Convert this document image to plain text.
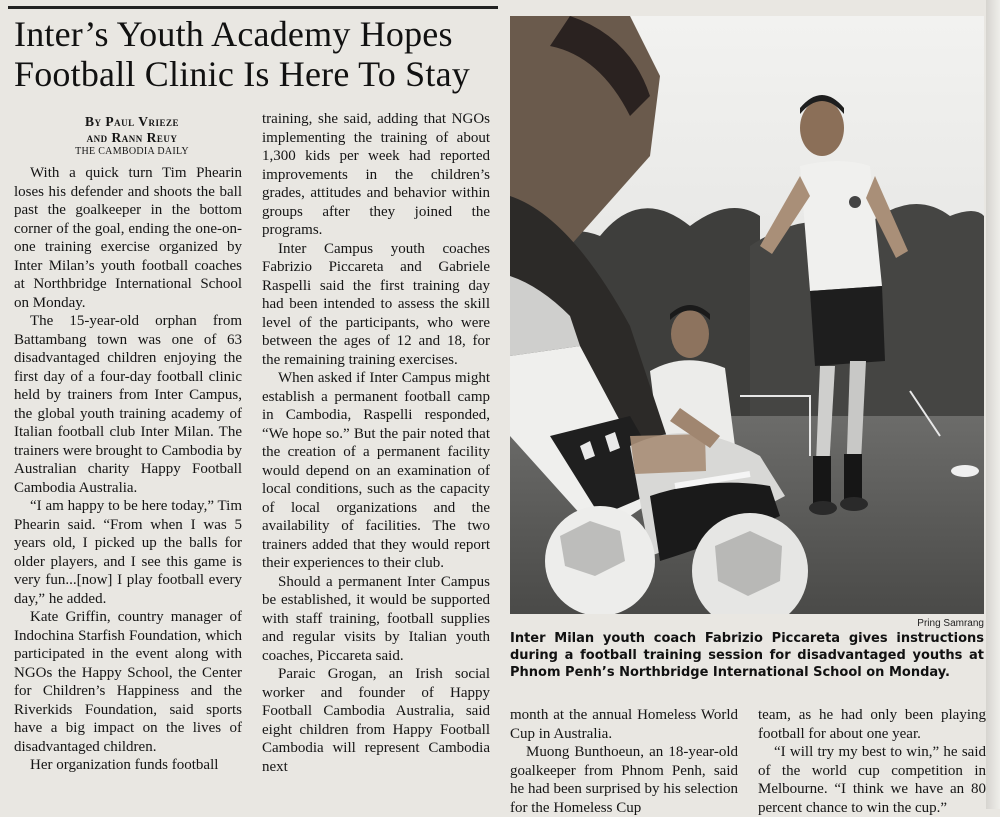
Inter’s Youth Academy Hopes Football Clinic Is Here To Stay
By Paul Vrieze
and Rann Reuy
THE CAMBODIA DAILY

With a quick turn Tim Phearin loses his defender and shoots the ball past the goalkeeper in the bottom corner of the goal, ending the one-on-one training exercise organized by Inter Milan’s youth football coaches at Northbridge International School on Monday.

The 15-year-old orphan from Battambang town was one of 63 disadvantaged children enjoying the first day of a four-day football clinic held by trainers from Inter Campus, the global youth training academy of Italian football club Inter Milan. The trainers were brought to Cambodia by Australian charity Happy Football Cambodia Australia.

“I am happy to be here today,” Tim Phearin said. “From when I was 5 years old, I picked up the balls for older players, and I see this game is very fun...[now] I play football every day,” he added.

Kate Griffin, country manager of Indochina Starfish Foundation, which participated in the event along with NGOs the Happy School, the Center for Children’s Happiness and the Riverkids Foundation, said sports have a big impact on the lives of disadvantaged children.

Her organization funds football

training, she said, adding that NGOs implementing the training of about 1,300 kids per week had reported improvements in the children’s grades, attitudes and behavior within groups after they joined the programs.

Inter Campus youth coaches Fabrizio Piccareta and Gabriele Raspelli said the first training day had been intended to assess the skill level of the participants, who were between the ages of 12 and 18, for the remaining training exercises.

When asked if Inter Campus might establish a permanent football camp in Cambodia, Raspelli responded, “We hope so.” But the pair noted that the creation of a permanent facility would depend on an examination of local conditions, such as the capacity of local organizations and the availability of facilities. The two trainers added that they would report their experiences to their club.

Should a permanent Inter Campus be established, it would be supported with staff training, football supplies and regular visits by Italian youth coaches, Piccareta said.

Paraic Grogan, an Irish social worker and founder of Happy Football Cambodia Australia, said eight children from Happy Football Cambodia will represent Cambodia next

Pring Samrang
Inter Milan youth coach Fabrizio Piccareta gives instructions during a football training session for disadvantaged youths at Phnom Penh’s Northbridge International School on Monday.

month at the annual Homeless World Cup in Australia.

Muong Bunthoeun, an 18-year-old goalkeeper from Phnom Penh, said he had been surprised by his selection for the Homeless Cup

team, as he had only been playing football for about one year.

“I will try my best to win,” he said of the world cup competition in Melbourne. “I think we have an 80 percent chance to win the cup.”
